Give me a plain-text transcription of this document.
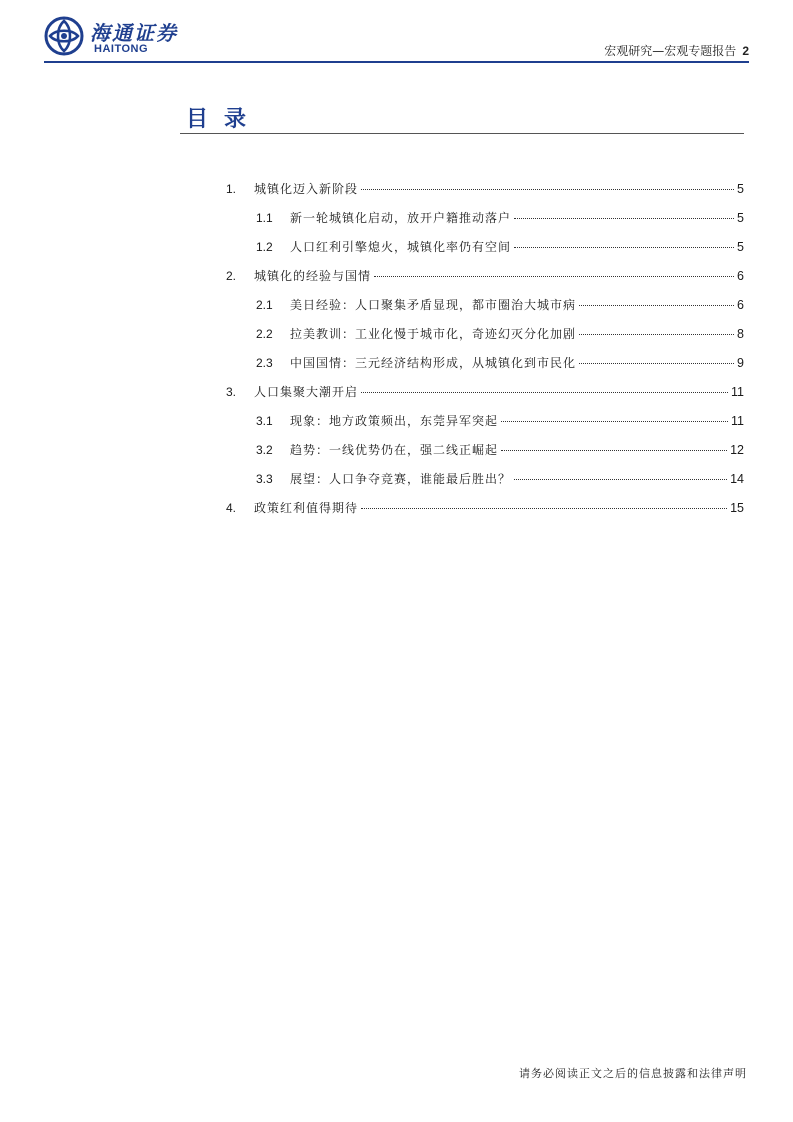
海通证券
HAITONG	宏观研究—宏观专题报告 2
目录
1.	城镇化迈入新阶段	5
1.1	新一轮城镇化启动，放开户籍推动落户	5
1.2	人口红利引擎熄火，城镇化率仍有空间	5
2.	城镇化的经验与国情	6
2.1	美日经验：人口聚集矛盾显现，都市圈治大城市病	6
2.2	拉美教训：工业化慢于城市化，奇迹幻灭分化加剧	8
2.3	中国国情：三元经济结构形成，从城镇化到市民化	9
3.	人口集聚大潮开启	11
3.1	现象：地方政策频出，东莞异军突起	11
3.2	趋势：一线优势仍在，强二线正崛起	12
3.3	展望：人口争夺竞赛，谁能最后胜出？	14
4.	政策红利值得期待	15
请务必阅读正文之后的信息披露和法律声明
